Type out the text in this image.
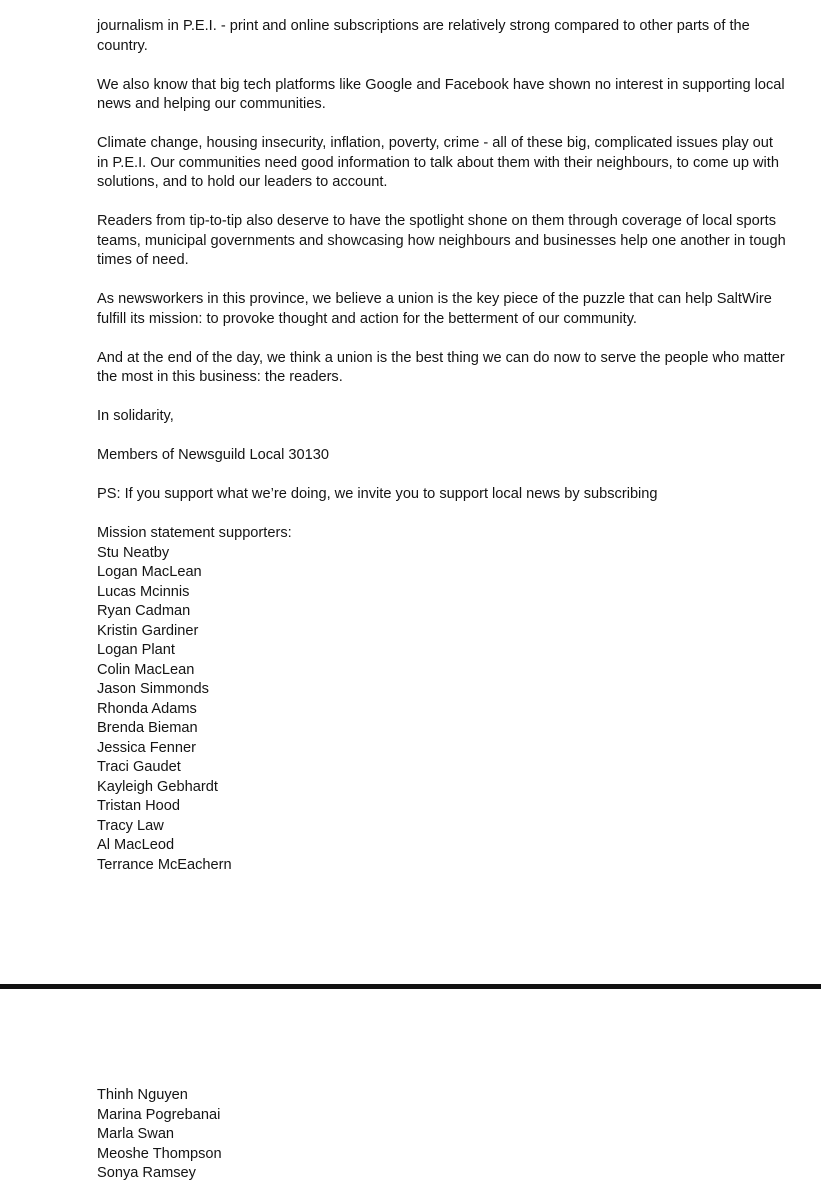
journalism in P.E.I. - print and online subscriptions are relatively strong compared to other parts of the country.

We also know that big tech platforms like Google and Facebook have shown no interest in supporting local news and helping our communities.

Climate change, housing insecurity, inflation, poverty, crime - all of these big, complicated issues play out in P.E.I. Our communities need good information to talk about them with their neighbours, to come up with solutions, and to hold our leaders to account.

Readers from tip-to-tip also deserve to have the spotlight shone on them through coverage of local sports teams, municipal governments and showcasing how neighbours and businesses help one another in tough times of need.

As newsworkers in this province, we believe a union is the key piece of the puzzle that can help SaltWire fulfill its mission: to provoke thought and action for the betterment of our community.

And at the end of the day, we think a union is the best thing we can do now to serve the people who matter the most in this business: the readers.

In solidarity,

Members of Newsguild Local 30130

PS: If you support what we’re doing, we invite you to support local news by subscribing

Mission statement supporters:
Stu Neatby
Logan MacLean
Lucas Mcinnis
Ryan Cadman
Kristin Gardiner
Logan Plant
Colin MacLean
Jason Simmonds
Rhonda Adams
Brenda Bieman
Jessica Fenner
Traci Gaudet
Kayleigh Gebhardt
Tristan Hood
Tracy Law
Al MacLeod
Terrance McEachern
Thinh Nguyen
Marina Pogrebanai
Marla Swan
Meoshe Thompson
Sonya Ramsey
